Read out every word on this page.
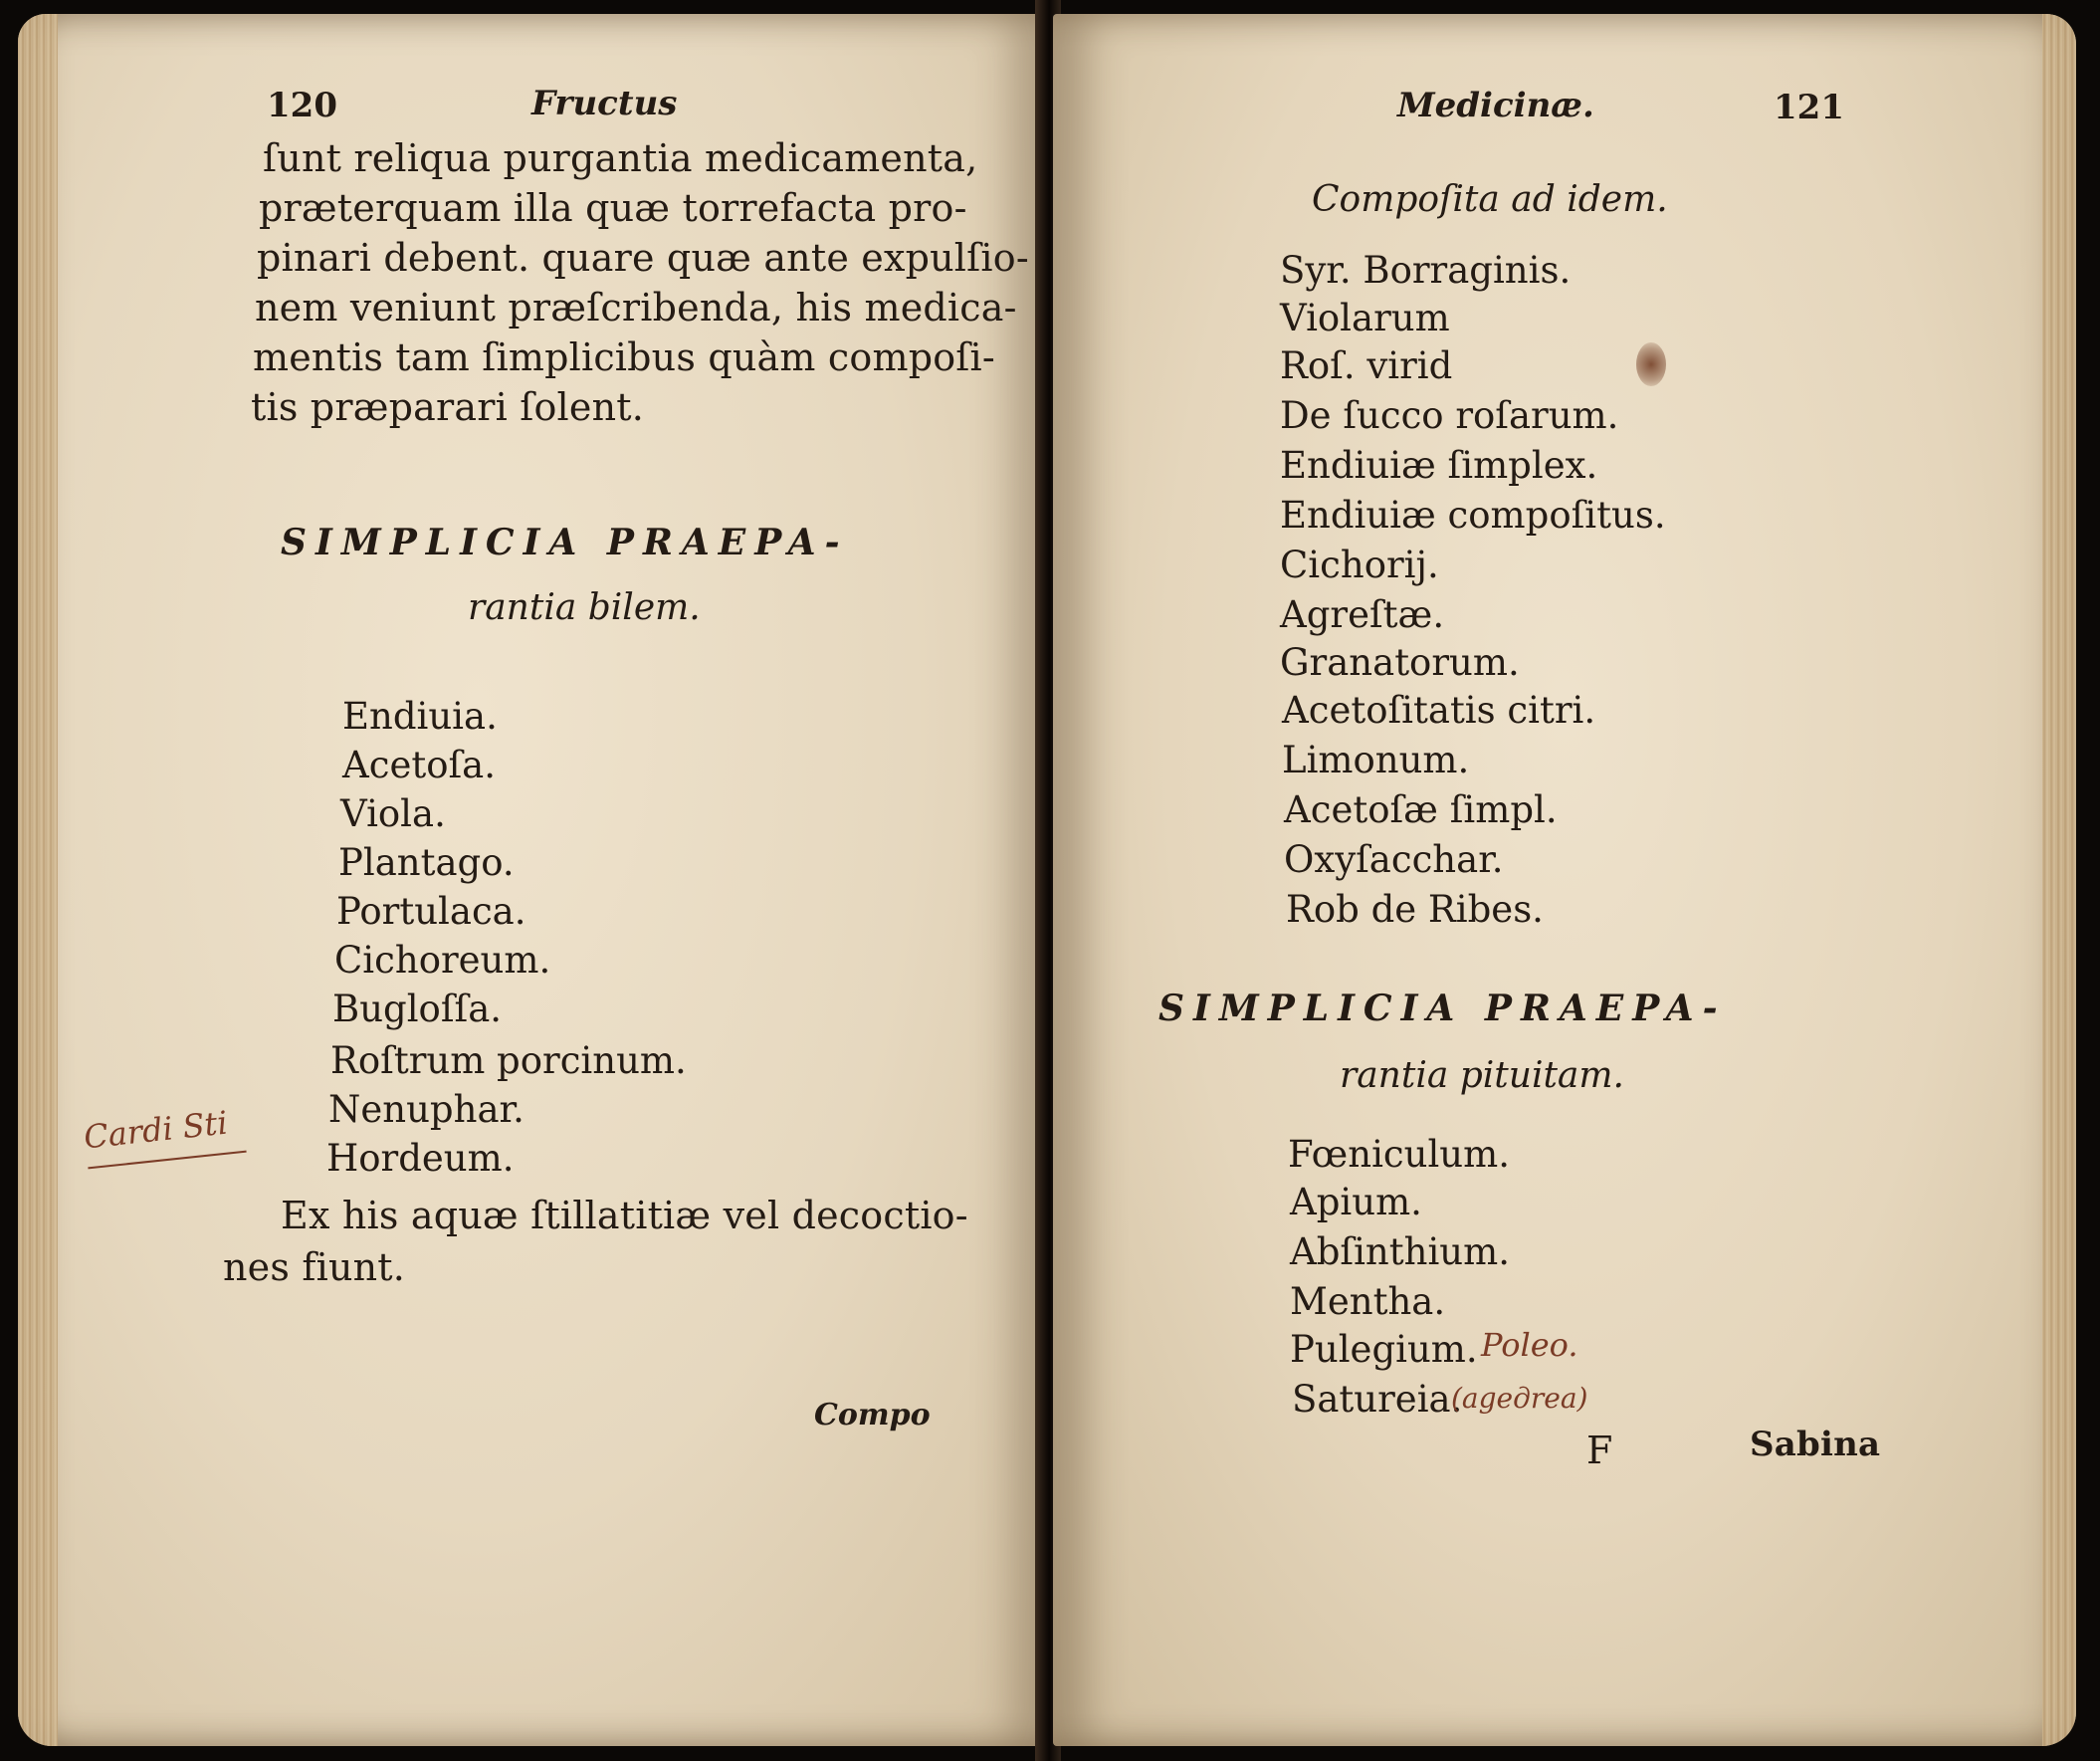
120	Fructus
ſunt reliqua purgantia medicamenta,
præterquam illa quæ torrefacta pro-
pinari debent. quare quæ ante expulſio-
nem veniunt præſcribenda, his medica-
mentis tam ſimplicibus quàm compoſi-
tis præparari ſolent.
SIMPLICIA PRAEPA-
rantia bilem.
Endiuia.
Acetoſa.
Viola.
Plantago.
Portulaca.
Cichoreum.
Bugloſſa.
Roſtrum porcinum.
Nenuphar.
Hordeum.
Cardi Sti
Ex his aquæ ſtillatitiæ vel decoctio-
nes fiunt.
Compo
Medicinæ.	121
Compoſita ad idem.
Syr. Borraginis.
Violarum
Roſ. virid
De ſucco roſarum.
Endiuiæ ſimplex.
Endiuiæ compoſitus.
Cichorij.
Agreſtæ.
Granatorum.
Acetoſitatis citri.
Limonum.
Acetoſæ ſimpl.
Oxyſacchar.
Rob de Ribes.
SIMPLICIA PRAEPA-
rantia pituitam.
Fœniculum.
Apium.
Abſinthium.
Mentha.
Pulegium. Poleo.
Satureia.
(ageдrea)
F	Sabina
